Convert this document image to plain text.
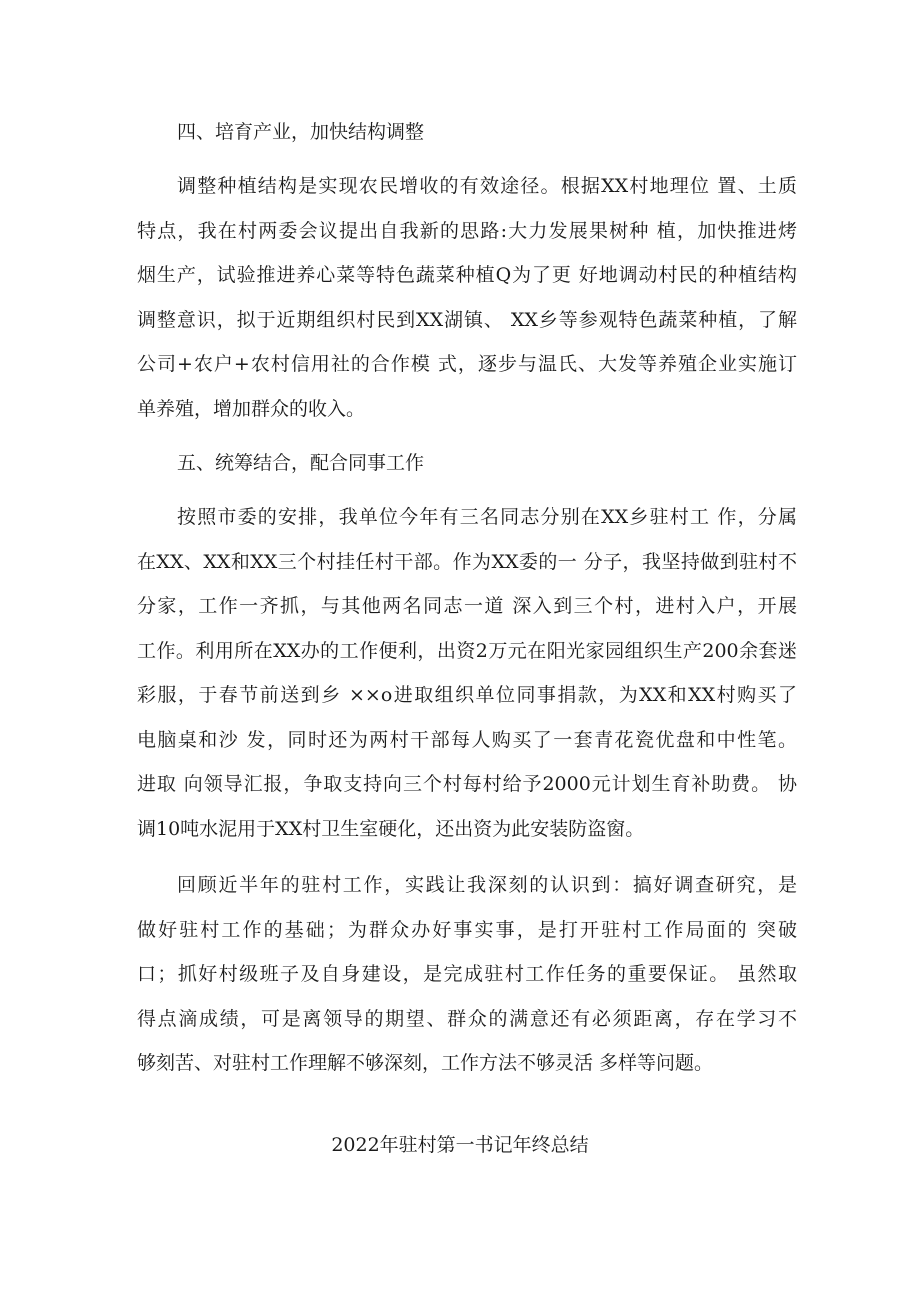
四、培育产业，加快结构调整
调整种植结构是实现农民增收的有效途径。根据XX村地理位 置、土质
特点，我在村两委会议提出自我新的思路:大力发展果树种 植，加快推进烤
烟生产，试验推进养心菜等特色蔬菜种植Q为了更 好地调动村民的种植结构
调整意识，拟于近期组织村民到XX湖镇、 XX乡等参观特色蔬菜种植，了解
公司+农户+农村信用社的合作模 式，逐步与温氏、大发等养殖企业实施订
单养殖，增加群众的收入。
五、统筹结合，配合同事工作
按照市委的安排，我单位今年有三名同志分别在XX乡驻村工 作，分属
在XX、XX和XX三个村挂任村干部。作为XX委的一 分子，我坚持做到驻村不
分家，工作一齐抓，与其他两名同志一道 深入到三个村，进村入户，开展
工作。利用所在XX办的工作便利，出资2万元在阳光家园组织生产200余套迷
彩服，于春节前送到乡 ××o进取组织单位同事捐款，为XX和XX村购买了
电脑桌和沙 发，同时还为两村干部每人购买了一套青花瓷优盘和中性笔。
进取 向领导汇报，争取支持向三个村每村给予2000元计划生育补助费。 协
调10吨水泥用于XX村卫生室硬化，还出资为此安装防盗窗。
回顾近半年的驻村工作，实践让我深刻的认识到：搞好调查研究，是
做好驻村工作的基础；为群众办好事实事，是打开驻村工作局面的 突破
口；抓好村级班子及自身建设，是完成驻村工作任务的重要保证。 虽然取
得点滴成绩，可是离领导的期望、群众的满意还有必须距离，存在学习不
够刻苦、对驻村工作理解不够深刻，工作方法不够灵活 多样等问题。
2022年驻村第一书记年终总结
